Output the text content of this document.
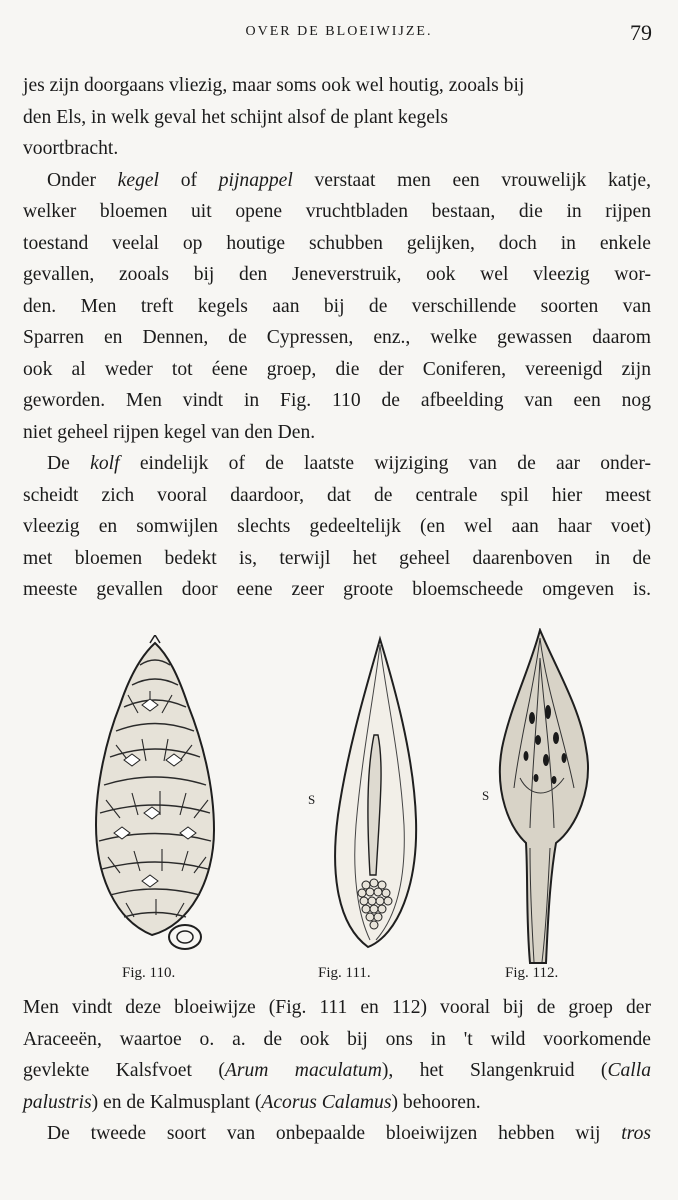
OVER DE BLOEIWIJZE.	79

jes zijn doorgaans vliezig, maar soms ook wel houtig, zooals bij
den Els, in welk geval het schijnt alsof de plant kegels
voortbracht.

Onder kegel of pijnappel verstaat men een vrouwelijk katje,
welker bloemen uit opene vruchtbladen bestaan, die in rijpen
toestand veelal op houtige schubben gelijken, doch in enkele
gevallen, zooals bij den Jeneverstruik, ook wel vleezig wor-
den. Men treft kegels aan bij de verschillende soorten van
Sparren en Dennen, de Cypressen, enz., welke gewassen daarom
ook al weder tot éene groep, die der Coniferen, vereenigd zijn
geworden. Men vindt in Fig. 110 de afbeelding van een nog
niet geheel rijpen kegel van den Den.

De kolf eindelijk of de laatste wijziging van de aar onder-
scheidt zich vooral daardoor, dat de centrale spil hier meest
vleezig en somwijlen slechts gedeeltelijk (en wel aan haar voet)
met bloemen bedekt is, terwijl het geheel daarenboven in de
meeste gevallen door eene zeer groote bloemscheede omgeven is.

Fig. 110.
S
Fig. 111.
S
Fig. 112.

Men vindt deze bloeiwijze (Fig. 111 en 112) vooral bij de groep der
Araceeën, waartoe o. a. de ook bij ons in 't wild voorkomende
gevlekte Kalsfvoet (Arum maculatum), het Slangenkruid (Calla
palustris) en de Kalmusplant (Acorus Calamus) behooren.

De tweede soort van onbepaalde bloeiwijzen hebben wij tros
